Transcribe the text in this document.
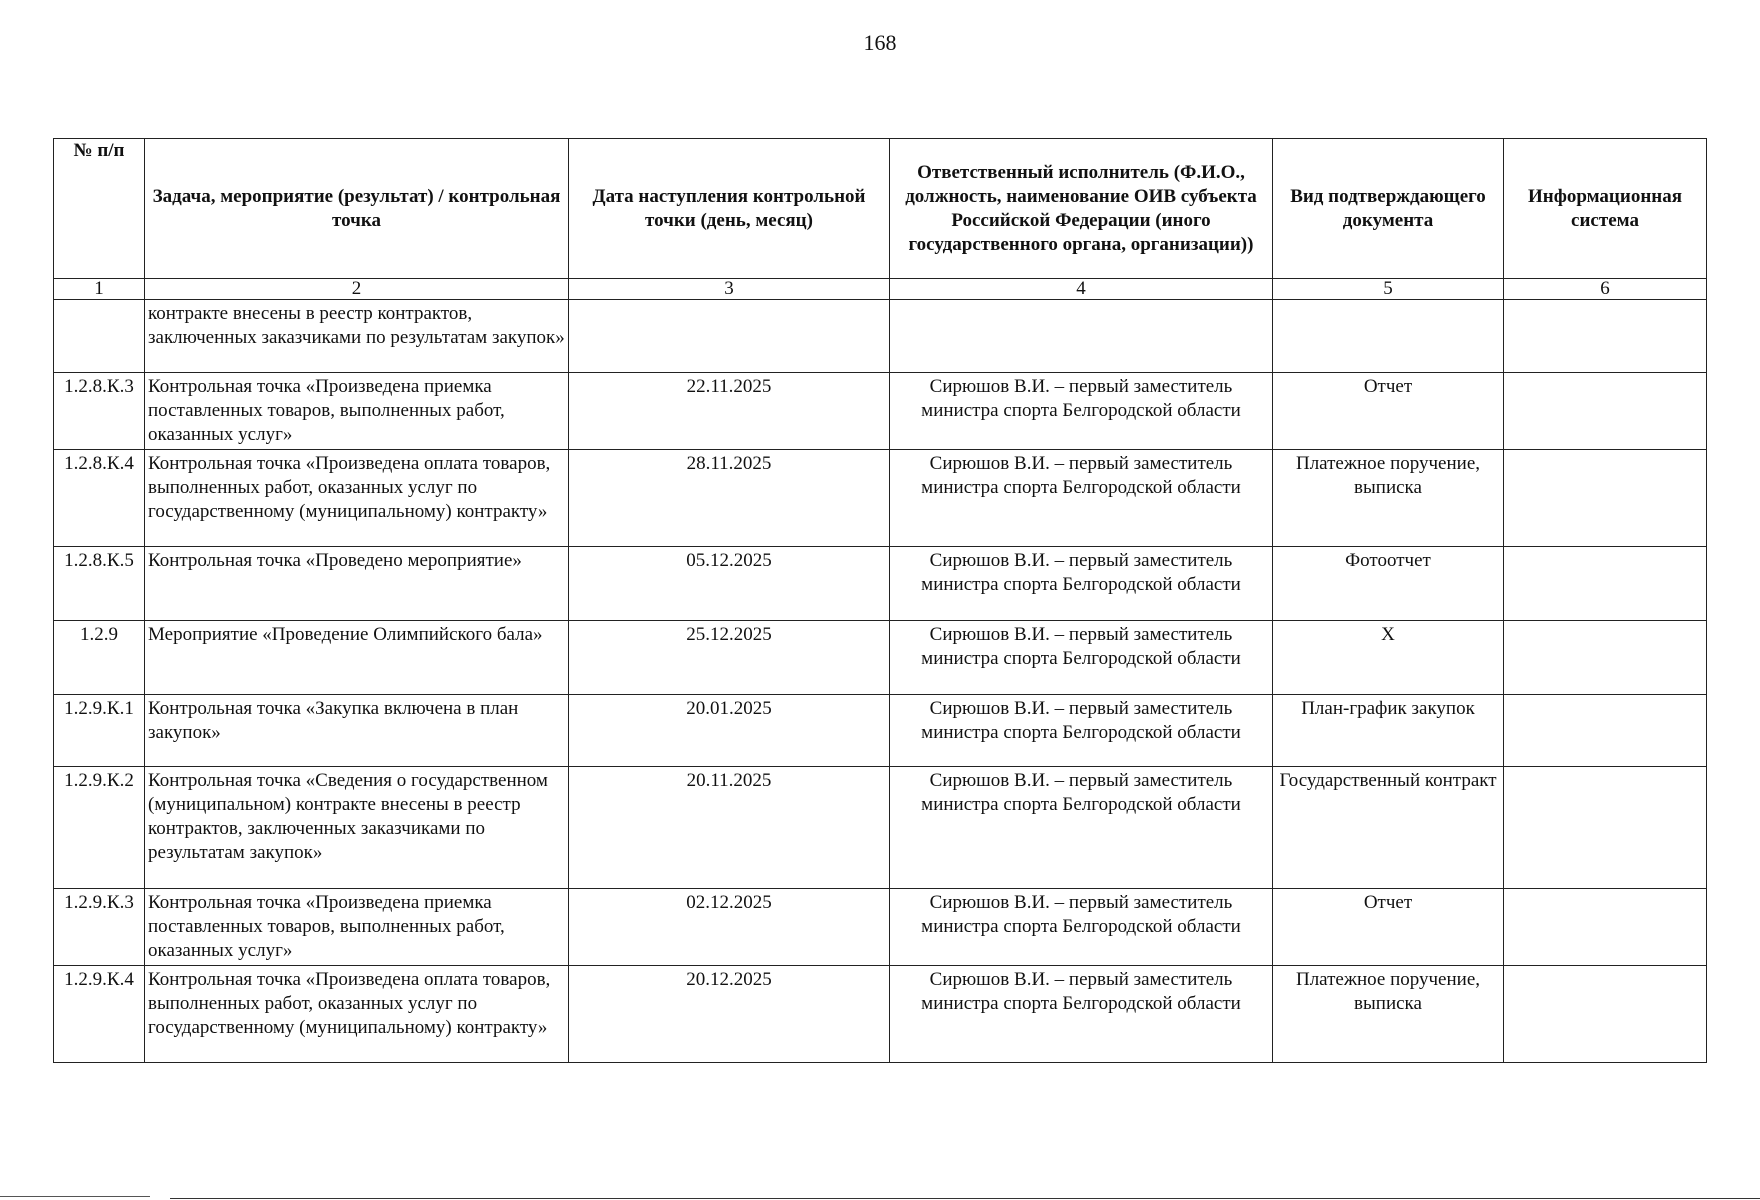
168
№ п/п	Задача, мероприятие (результат) / контрольная точка	Дата наступления контрольной точки (день, месяц)	Ответственный исполнитель (Ф.И.О., должность, наименование ОИВ субъекта Российской Федерации (иного государственного органа, организации))	Вид подтверждающего документа	Информационная система
1	2	3	4	5	6
	контракте внесены в реестр контрактов, заключенных заказчиками по результатам закупок»				
1.2.8.К.3	Контрольная точка «Произведена приемка поставленных товаров, выполненных работ, оказанных услуг»	22.11.2025	Сирюшов В.И. – первый заместитель министра спорта Белгородской области	Отчет	
1.2.8.К.4	Контрольная точка «Произведена оплата товаров, выполненных работ, оказанных услуг по государственному (муниципальному) контракту»	28.11.2025	Сирюшов В.И. – первый заместитель министра спорта Белгородской области	Платежное поручение, выписка	
1.2.8.К.5	Контрольная точка «Проведено мероприятие»	05.12.2025	Сирюшов В.И. – первый заместитель министра спорта Белгородской области	Фотоотчет	
1.2.9	Мероприятие «Проведение Олимпийского бала»	25.12.2025	Сирюшов В.И. – первый заместитель министра спорта Белгородской области	X	
1.2.9.К.1	Контрольная точка «Закупка включена в план закупок»	20.01.2025	Сирюшов В.И. – первый заместитель министра спорта Белгородской области	План-график закупок	
1.2.9.К.2	Контрольная точка «Сведения о государственном (муниципальном) контракте внесены в реестр контрактов, заключенных заказчиками по результатам закупок»	20.11.2025	Сирюшов В.И. – первый заместитель министра спорта Белгородской области	Государственный контракт	
1.2.9.К.3	Контрольная точка «Произведена приемка поставленных товаров, выполненных работ, оказанных услуг»	02.12.2025	Сирюшов В.И. – первый заместитель министра спорта Белгородской области	Отчет	
1.2.9.К.4	Контрольная точка «Произведена оплата товаров, выполненных работ, оказанных услуг по государственному (муниципальному) контракту»	20.12.2025	Сирюшов В.И. – первый заместитель министра спорта Белгородской области	Платежное поручение, выписка	
